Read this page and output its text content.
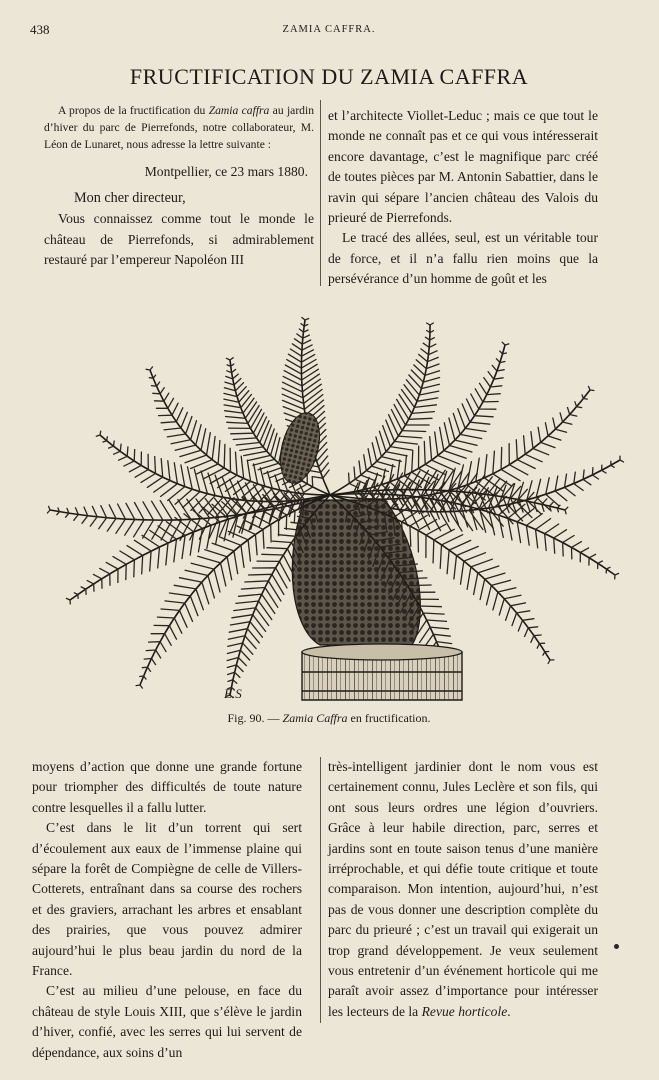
438	ZAMIA CAFFRA.
FRUCTIFICATION DU ZAMIA CAFFRA

A propos de la fructification du Zamia caffra au jardin d’hiver du parc de Pierrefonds, notre collaborateur, M. Léon de Lunaret, nous adresse la lettre suivante :

Montpellier, ce 23 mars 1880.

Mon cher directeur,

Vous connaissez comme tout le monde le château de Pierrefonds, si admirablement restauré par l’empereur Napoléon III

et l’architecte Viollet-Leduc ; mais ce que tout le monde ne connaît pas et ce qui vous intéresserait encore davantage, c’est le magnifique parc créé de toutes pièces par M. Antonin Sabattier, dans le ravin qui sépare l’ancien château des Valois du prieuré de Pierrefonds.

Le tracé des allées, seul, est un véritable tour de force, et il n’a fallu rien moins que la persévérance d’un homme de goût et les

E.S
Fig. 90. — Zamia Caffra en fructification.

moyens d’action que donne une grande fortune pour triompher des difficultés de toute nature contre lesquelles il a fallu lutter.

C’est dans le lit d’un torrent qui sert d’écoulement aux eaux de l’immense plaine qui sépare la forêt de Compiègne de celle de Villers-Cotterets, entraînant dans sa course des rochers et des graviers, arrachant les arbres et ensablant des prairies, que vous pouvez admirer aujourd’hui le plus beau jardin du nord de la France.

C’est au milieu d’une pelouse, en face du château de style Louis XIII, que s’élève le jardin d’hiver, confié, avec les serres qui lui servent de dépendance, aux soins d’un

très-intelligent jardinier dont le nom vous est certainement connu, Jules Leclère et son fils, qui ont sous leurs ordres une légion d’ouvriers. Grâce à leur habile direction, parc, serres et jardins sont en toute saison tenus d’une manière irréprochable, et qui défie toute critique et toute comparaison. Mon intention, aujourd’hui, n’est pas de vous donner une description complète du parc du prieuré ; c’est un travail qui exigerait un trop grand développement. Je veux seulement vous entretenir d’un événement horticole qui me paraît avoir assez d’importance pour intéresser les lecteurs de la Revue horticole.
